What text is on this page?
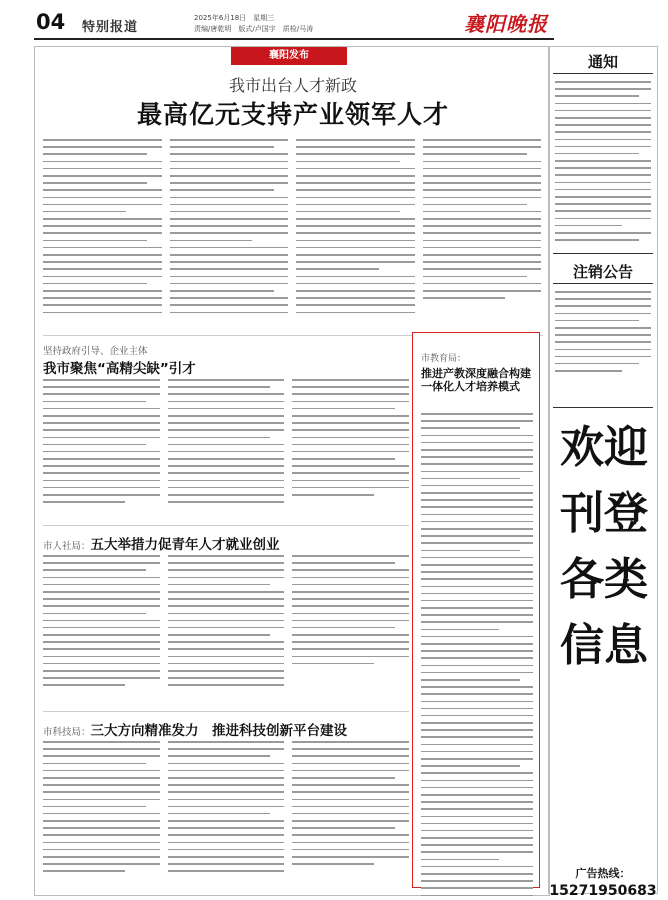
04 特别报道
2025年6月18日　星期三
责编/唐乾明　版式/卢国宇　质检/马涛	襄阳晚报
襄阳发布
我市出台人才新政
最高亿元支持产业领军人才
坚持政府引导、企业主体
我市聚焦“高精尖缺”引才
市人社局：五大举措力促青年人才就业创业
市科技局：三大方向精准发力　推进科技创新平台建设
市教育局：
推进产教深度融合构建一体化人才培养模式
通知
注销公告
欢迎刊登各类信息
广告热线：
15271950683
